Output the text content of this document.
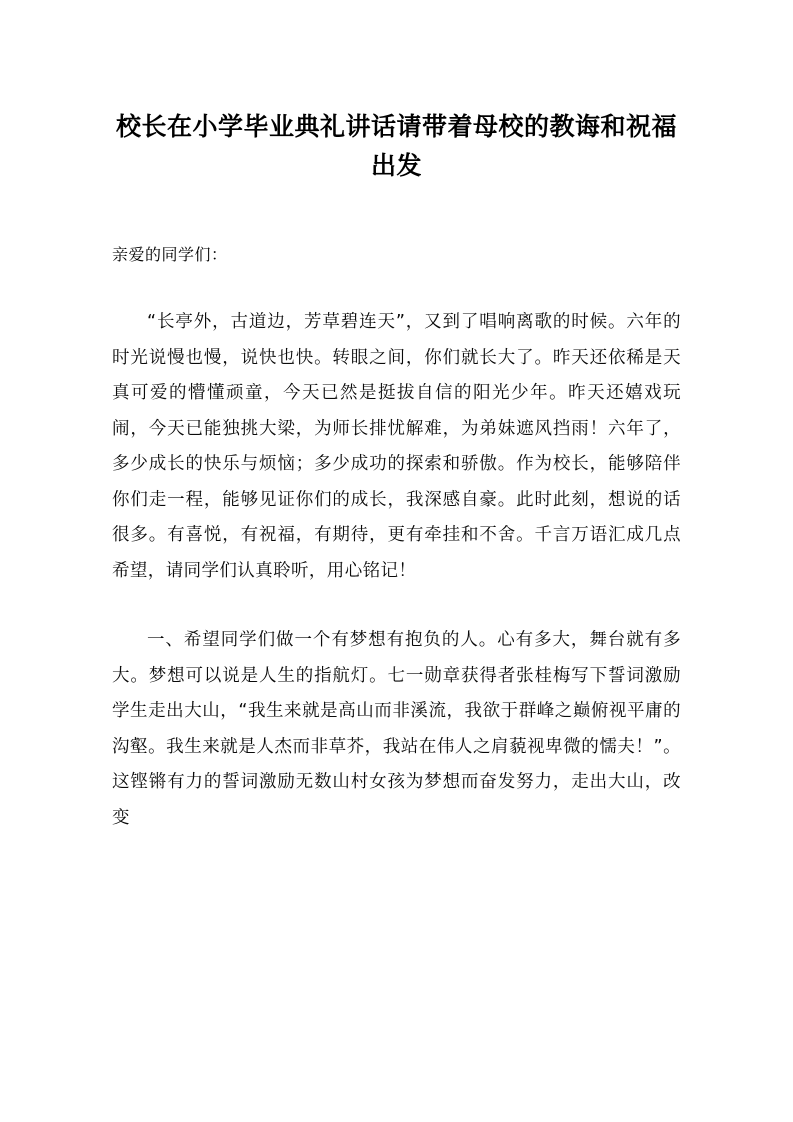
校长在小学毕业典礼讲话请带着母校的教诲和祝福出发

亲爱的同学们：

“长亭外，古道边，芳草碧连天”，又到了唱响离歌的时候。六年的时光说慢也慢，说快也快。转眼之间，你们就长大了。昨天还依稀是天真可爱的懵懂顽童，今天已然是挺拔自信的阳光少年。昨天还嬉戏玩闹，今天已能独挑大梁，为师长排忧解难，为弟妹遮风挡雨！六年了，多少成长的快乐与烦恼；多少成功的探索和骄傲。作为校长，能够陪伴你们走一程，能够见证你们的成长，我深感自豪。此时此刻，想说的话很多。有喜悦，有祝福，有期待，更有牵挂和不舍。千言万语汇成几点希望，请同学们认真聆听，用心铭记！

一、希望同学们做一个有梦想有抱负的人。心有多大，舞台就有多大。梦想可以说是人生的指航灯。七一勋章获得者张桂梅写下誓词激励学生走出大山，“我生来就是高山而非溪流，我欲于群峰之巅俯视平庸的沟壑。我生来就是人杰而非草芥，我站在伟人之肩藐视卑微的懦夫！”。这铿锵有力的誓词激励无数山村女孩为梦想而奋发努力，走出大山，改变
